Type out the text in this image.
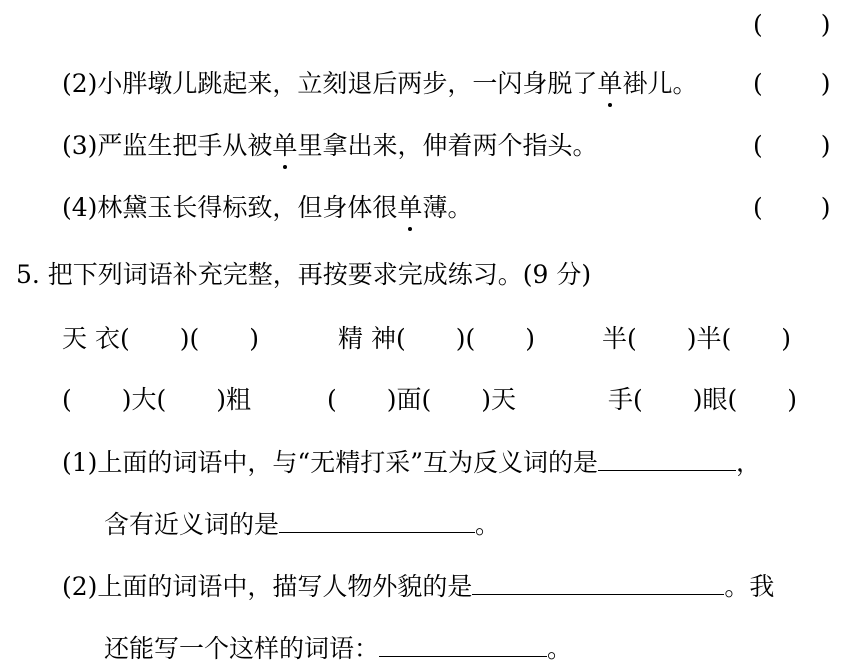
(　 　)
(2)小胖墩儿跳起来，立刻退后两步，一闪身脱了单褂儿。 (　 　)
(3)严监生把手从被单里拿出来，伸着两个指头。	(　 　)
(4)林黛玉长得标致，但身体很单薄。	(　 　)
5. 把下列词语补充完整，再按要求完成练习。(9 分)
天 衣(　　)(　　)	精 神(　　)(　　)	半(　　)半(　　)
(　　)大(　　)粗	(　　)面(　　)天	手(　　)眼(　　)
(1)上面的词语中，与“无精打采”互为反义词的是	，
含有近义词的是	。
(2)上面的词语中，描写人物外貌的是	。我
还能写一个这样的词语：	。
